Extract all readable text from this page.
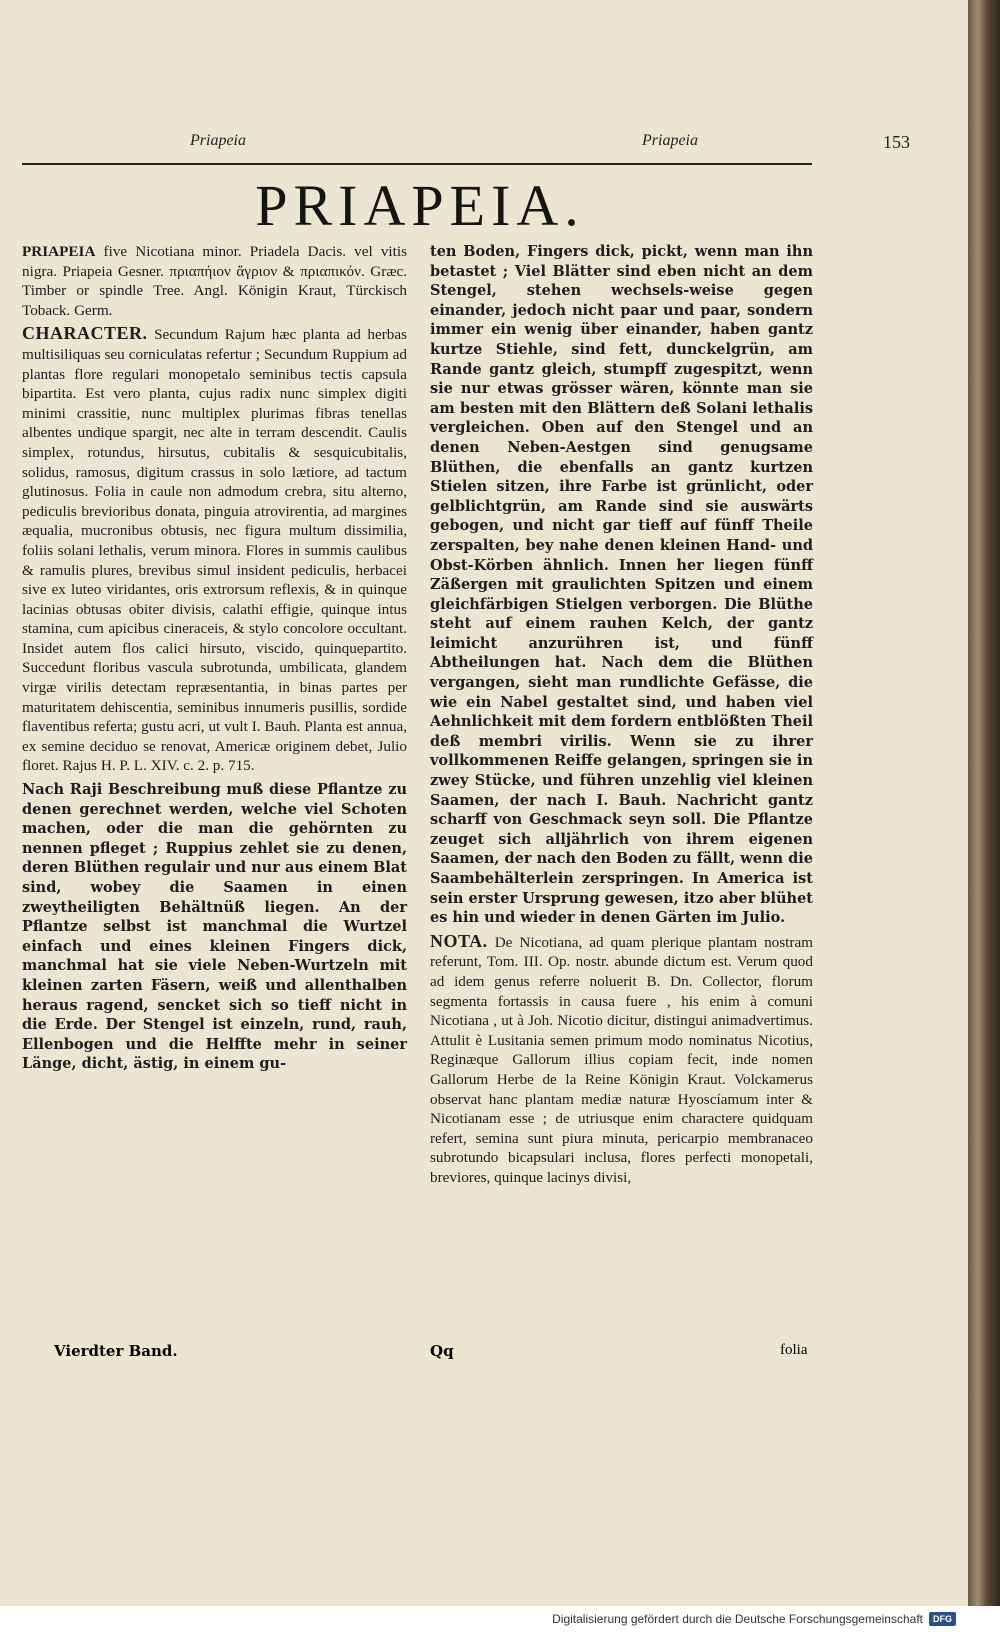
Priapeia	Priapeia	153
PRIAPEIA.

PRIAPEIA five Nicotiana minor. Priadela Dacis. vel vitis nigra. Priapeia Gesner. πριαπήιον ἄγριον & πριαπικόν. Græc. Timber or spindle Tree. Angl. Königin Kraut, Türckisch Toback. Germ.

CHARACTER. Secundum Rajum hæc planta ad herbas multisiliquas seu corniculatas refertur ; Secundum Ruppium ad plantas flore regulari monopetalo seminibus tectis capsula bipartita. Est vero planta, cujus radix nunc simplex digiti minimi crassitie, nunc multiplex plurimas fibras tenellas albentes undique spargit, nec alte in terram descendit. Caulis simplex, rotundus, hirsutus, cubitalis & sesquicubitalis, solidus, ramosus, digitum crassus in solo lætiore, ad tactum glutinosus. Folia in caule non admodum crebra, situ alterno, pediculis brevioribus donata, pinguia atrovirentia, ad margines æqualia, mucronibus obtusis, nec figura multum dissimilia, foliis solani lethalis, verum minora. Flores in summis caulibus & ramulis plures, brevibus simul insident pediculis, herbacei sive ex luteo viridantes, oris extrorsum reflexis, & in quinque lacinias obtusas obiter divisis, calathi effigie, quinque intus stamina, cum apicibus cineraceis, & stylo concolore occultant. Insidet autem flos calici hirsuto, viscido, quinquepartito. Succedunt floribus vascula subrotunda, umbilicata, glandem virgæ virilis detectam repræsentantia, in binas partes per maturitatem dehiscentia, seminibus innumeris pusillis, sordide flaventibus referta; gustu acri, ut vult I. Bauh. Planta est annua, ex semine deciduo se renovat, Americæ originem debet, Julio floret. Rajus H. P. L. XIV. c. 2. p. 715.

Nach Raji Beschreibung muß diese Pflantze zu denen gerechnet werden, welche viel Schoten machen, oder die man die gehörnten zu nennen pfleget ; Ruppius zehlet sie zu denen, deren Blüthen regulair und nur aus einem Blat sind, wobey die Saamen in einen zweytheiligten Behältnüß liegen. An der Pflantze selbst ist manchmal die Wurtzel einfach und eines kleinen Fingers dick, manchmal hat sie viele Neben-Wurtzeln mit kleinen zarten Fäsern, weiß und allenthalben heraus ragend, sencket sich so tieff nicht in die Erde. Der Stengel ist einzeln, rund, rauh, Ellenbogen und die Helffte mehr in seiner Länge, dicht, ästig, in einem gu-

ten Boden, Fingers dick, pickt, wenn man ihn betastet ; Viel Blätter sind eben nicht an dem Stengel, stehen wechsels-weise gegen einander, jedoch nicht paar und paar, sondern immer ein wenig über einander, haben gantz kurtze Stiehle, sind fett, dunckelgrün, am Rande gantz gleich, stumpff zugespitzt, wenn sie nur etwas grösser wären, könnte man sie am besten mit den Blättern deß Solani lethalis vergleichen. Oben auf den Stengel und an denen Neben-Aestgen sind genugsame Blüthen, die ebenfalls an gantz kurtzen Stielen sitzen, ihre Farbe ist grünlicht, oder gelblichtgrün, am Rande sind sie auswärts gebogen, und nicht gar tieff auf fünff Theile zerspalten, bey nahe denen kleinen Hand- und Obst-Körben ähnlich. Innen her liegen fünff Zäßergen mit graulichten Spitzen und einem gleichfärbigen Stielgen verborgen. Die Blüthe steht auf einem rauhen Kelch, der gantz leimicht anzurühren ist, und fünff Abtheilungen hat. Nach dem die Blüthen vergangen, sieht man rundlichte Gefässe, die wie ein Nabel gestaltet sind, und haben viel Aehnlichkeit mit dem fordern entblößten Theil deß membri virilis. Wenn sie zu ihrer vollkommenen Reiffe gelangen, springen sie in zwey Stücke, und führen unzehlig viel kleinen Saamen, der nach I. Bauh. Nachricht gantz scharff von Geschmack seyn soll. Die Pflantze zeuget sich alljährlich von ihrem eigenen Saamen, der nach den Boden zu fällt, wenn die Saambehälterlein zerspringen. In America ist sein erster Ursprung gewesen, itzo aber blühet es hin und wieder in denen Gärten im Julio.

NOTA. De Nicotiana, ad quam plerique plantam nostram referunt, Tom. III. Op. nostr. abunde dictum est. Verum quod ad idem genus referre noluerit B. Dn. Collector, florum segmenta fortassis in causa fuere , his enim à comuni Nicotiana , ut à Joh. Nicotio dicitur, distingui animadvertimus. Attulit è Lusitania semen primum modo nominatus Nicotius, Reginæque Gallorum illius copiam fecit, inde nomen Gallorum Herbe de la Reine Königin Kraut. Volckamerus observat hanc plantam mediæ naturæ Hyoscíamum inter & Nicotianam esse ; de utriusque enim charactere quidquam refert, semina sunt piura minuta, pericarpio membranaceo subrotundo bicapsulari inclusa, flores perfecti monopetali, breviores, quinque lacinys divisi,

Vierdter Band.	Qq	folia
Digitalisierung gefördert durch die Deutsche Forschungsgemeinschaft	DFG
